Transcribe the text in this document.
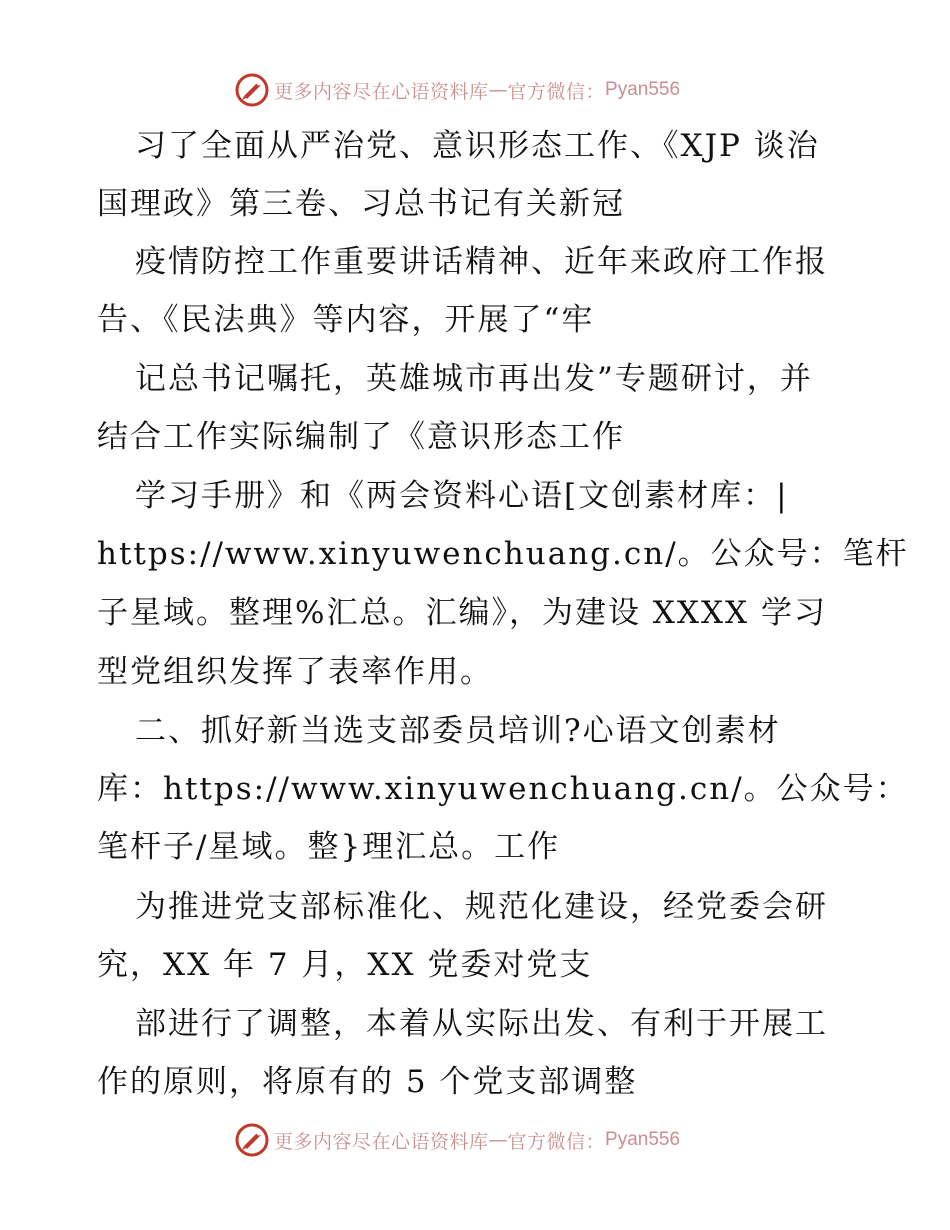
更多内容尽在心语资料库 — 官方微信： Pyan556
习了全面从严治党、意识形态工作、《XJP 谈治
国理政》第三卷、习总书记有关新冠
疫情防控工作重要讲话精神、近年来政府工作报
告、《民法典》等内容，开展了“牢
记总书记嘱托，英雄城市再出发”专题研讨，并
结合工作实际编制了《意识形态工作
学习手册》和《两会资料心语[文创素材库：|
https://www.xinyuwenchuang.cn/。公众号：笔杆
子星域。整理%汇总。汇编》，为建设 XXXX 学习
型党组织发挥了表率作用。
二、抓好新当选支部委员培训?心语文创素材
库：https://www.xinyuwenchuang.cn/。公众号：
笔杆子/星域。整}理汇总。工作
为推进党支部标准化、规范化建设，经党委会研
究，XX 年 7 月，XX 党委对党支
部进行了调整，本着从实际出发、有利于开展工
作的原则，将原有的 5 个党支部调整
更多内容尽在心语资料库 — 官方微信： Pyan556
